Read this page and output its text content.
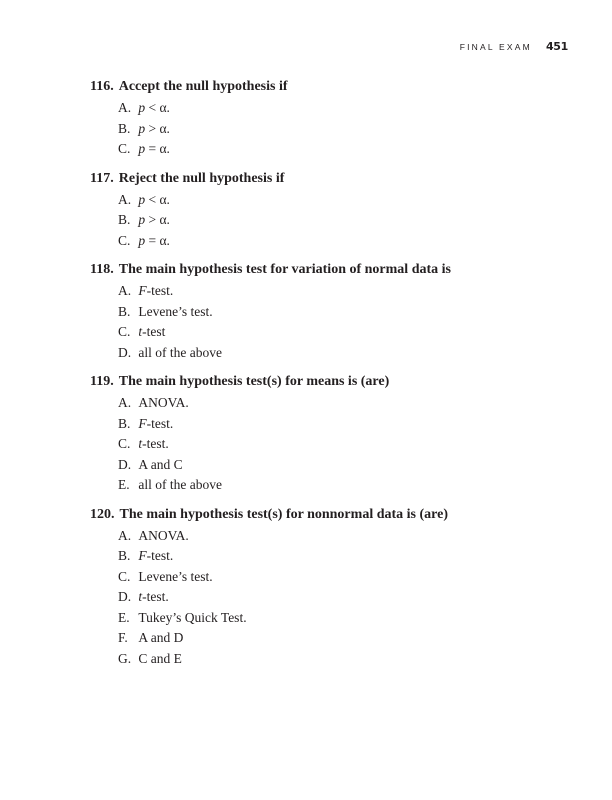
FINAL EXAM 451
116. Accept the null hypothesis if
A. p < α.
B. p > α.
C. p = α.
117. Reject the null hypothesis if
A. p < α.
B. p > α.
C. p = α.
118. The main hypothesis test for variation of normal data is
A. F-test.
B. Levene’s test.
C. t-test
D. all of the above
119. The main hypothesis test(s) for means is (are)
A. ANOVA.
B. F-test.
C. t-test.
D. A and C
E. all of the above
120. The main hypothesis test(s) for nonnormal data is (are)
A. ANOVA.
B. F-test.
C. Levene’s test.
D. t-test.
E. Tukey’s Quick Test.
F. A and D
G. C and E
